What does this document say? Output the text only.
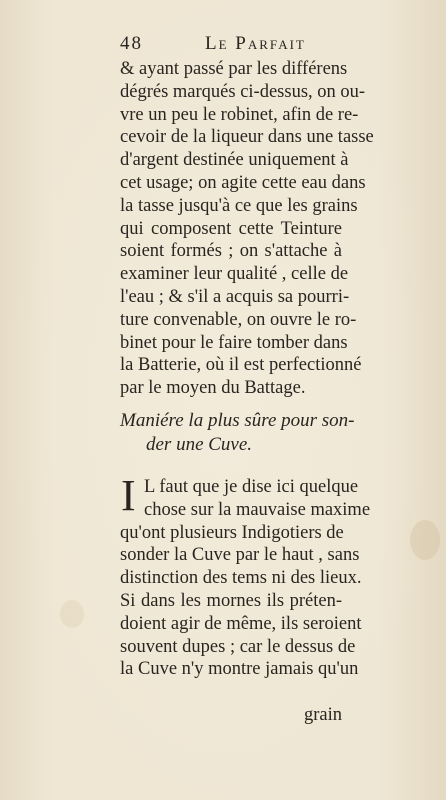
48	Le Parfait
& ayant passé par les différens
dégrés marqués ci-dessus, on ou-
vre un peu le robinet, afin de re-
cevoir de la liqueur dans une tasse
d'argent destinée uniquement à
cet usage; on agite cette eau dans
la tasse jusqu'à ce que les grains
qui composent cette Teinture
soient formés ; on s'attache à
examiner leur qualité , celle de
l'eau ; & s'il a acquis sa pourri-
ture convenable, on ouvre le ro-
binet pour le faire tomber dans
la Batterie, où il est perfectionné
par le moyen du Battage.
Maniére la plus sûre pour son-
der une Cuve.
I L faut que je dise ici quelque
chose sur la mauvaise maxime
qu'ont plusieurs Indigotiers de
sonder la Cuve par le haut , sans
distinction des tems ni des lieux.
Si dans les mornes ils préten-
doient agir de même, ils seroient
souvent dupes ; car le dessus de
la Cuve n'y montre jamais qu'un
grain
